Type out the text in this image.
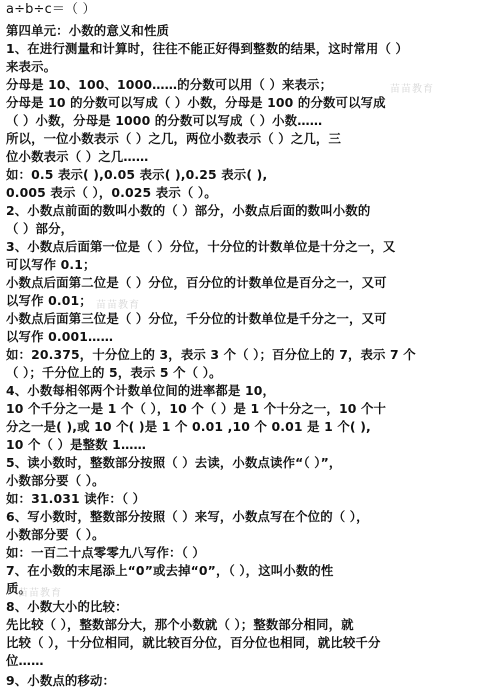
a÷b÷c＝（ ）
第四单元：小数的意义和性质
1、在进行测量和计算时，往往不能正好得到整数的结果，这时常用（ ）
来表示。
分母是 10、100、1000……的分数可以用（ ）来表示；
分母是 10 的分数可以写成（ ）小数，分母是 100 的分数可以写成
（ ）小数，分母是 1000 的分数可以写成（ ）小数……
所以，一位小数表示（ ）之几，两位小数表示（ ）之几，三
位小数表示（ ）之几……
如：0.5 表示( ),0.05 表示( ),0.25 表示( ),
0.005 表示（ ），0.025 表示（ ）。
2、小数点前面的数叫小数的（ ）部分，小数点后面的数叫小数的
（ ）部分，
3、小数点后面第一位是（ ）分位，十分位的计数单位是十分之一，又
可以写作 0.1；
小数点后面第二位是（ ）分位，百分位的计数单位是百分之一，又可
以写作 0.01；
小数点后面第三位是（ ）分位，千分位的计数单位是千分之一，又可
以写作 0.001……
如：20.375，十分位上的 3，表示 3 个（ ）；百分位上的 7，表示 7 个
（ ）；千分位上的 5，表示 5 个（ ）。
4、小数每相邻两个计数单位间的进率都是 10，
10 个千分之一是 1 个（ ），10 个（ ）是 1 个十分之一，10 个十
分之一是( ),或 10 个( )是 1 个 0.01 ,10 个 0.01 是 1 个( ),
10 个（ ）是整数 1……
5、读小数时，整数部分按照（ ）去读，小数点读作“（ ）”，
小数部分要（ ）。
如：31.031 读作：（ ）
6、写小数时，整数部分按照（ ）来写，小数点写在个位的（ ），
小数部分要（ ）。
如：一百二十点零零九八写作：（ ）
7、在小数的末尾添上“0”或去掉“0”，（ ），这叫小数的性
质。
8、小数大小的比较：
先比较（ ），整数部分大，那个小数就（ ）；整数部分相同，就
比较（ ），十分位相同，就比较百分位，百分位也相同，就比较千分
位……
9、小数点的移动：
苗苗教育
苗苗教育
苗苗教育
